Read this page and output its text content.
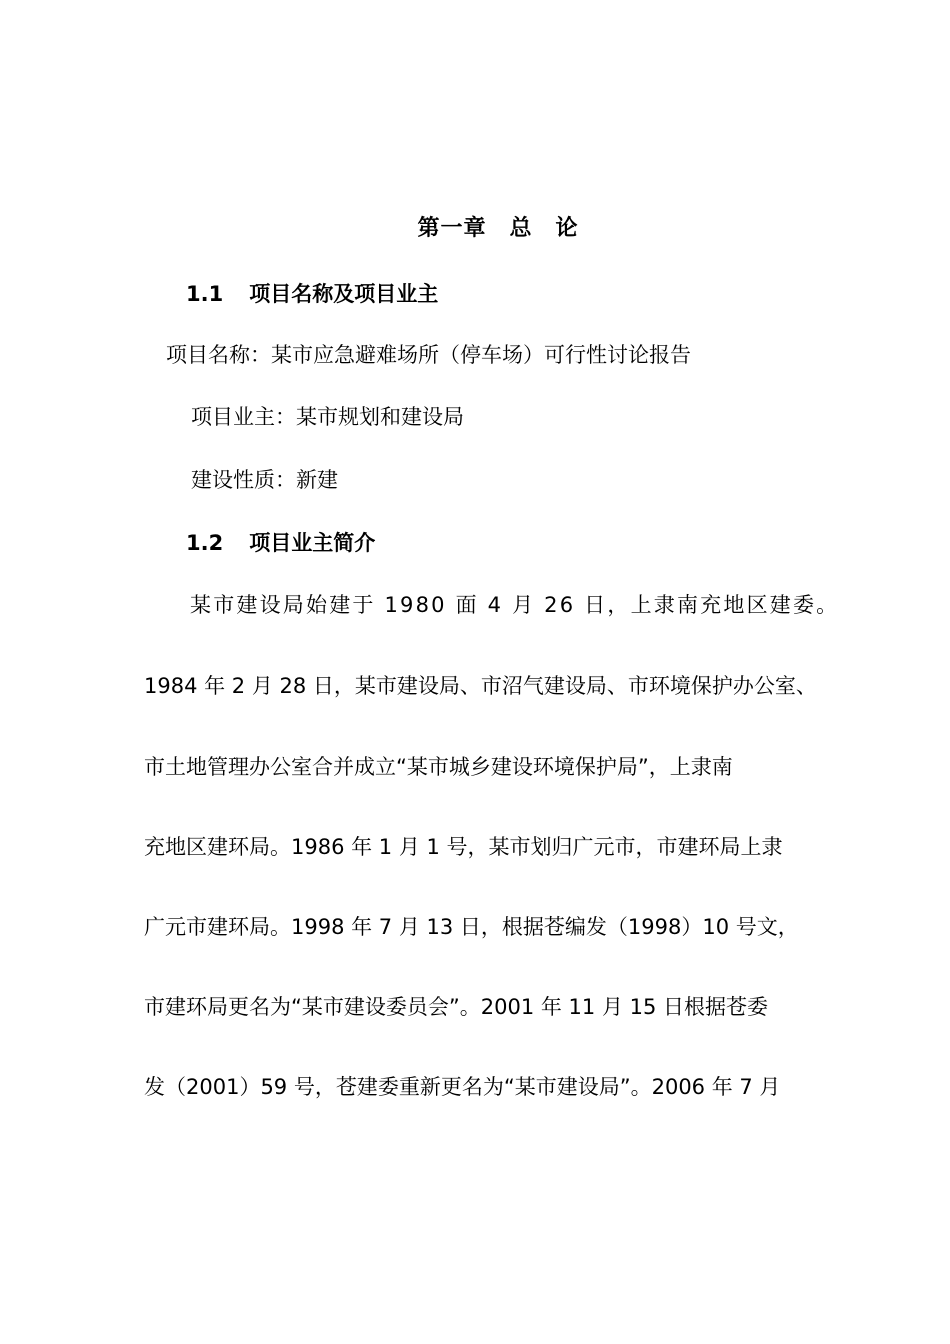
第一章　总　论
1.1 项目名称及项目业主
项目名称：某市应急避难场所（停车场）可行性讨论报告
项目业主：某市规划和建设局
建设性质：新建
1.2 项目业主简介
某市建设局始建于 1980 面 4 月 26 日，上隶南充地区建委。
1984 年 2 月 28 日，某市建设局、市沼气建设局、市环境保护办公室、
市土地管理办公室合并成立“某市城乡建设环境保护局”，上隶南
充地区建环局。1986 年 1 月 1 号，某市划归广元市，市建环局上隶
广元市建环局。1998 年 7 月 13 日，根据苍编发（1998）10 号文，
市建环局更名为“某市建设委员会”。2001 年 11 月 15 日根据苍委
发（2001）59 号，苍建委重新更名为“某市建设局”。2006 年 7 月
